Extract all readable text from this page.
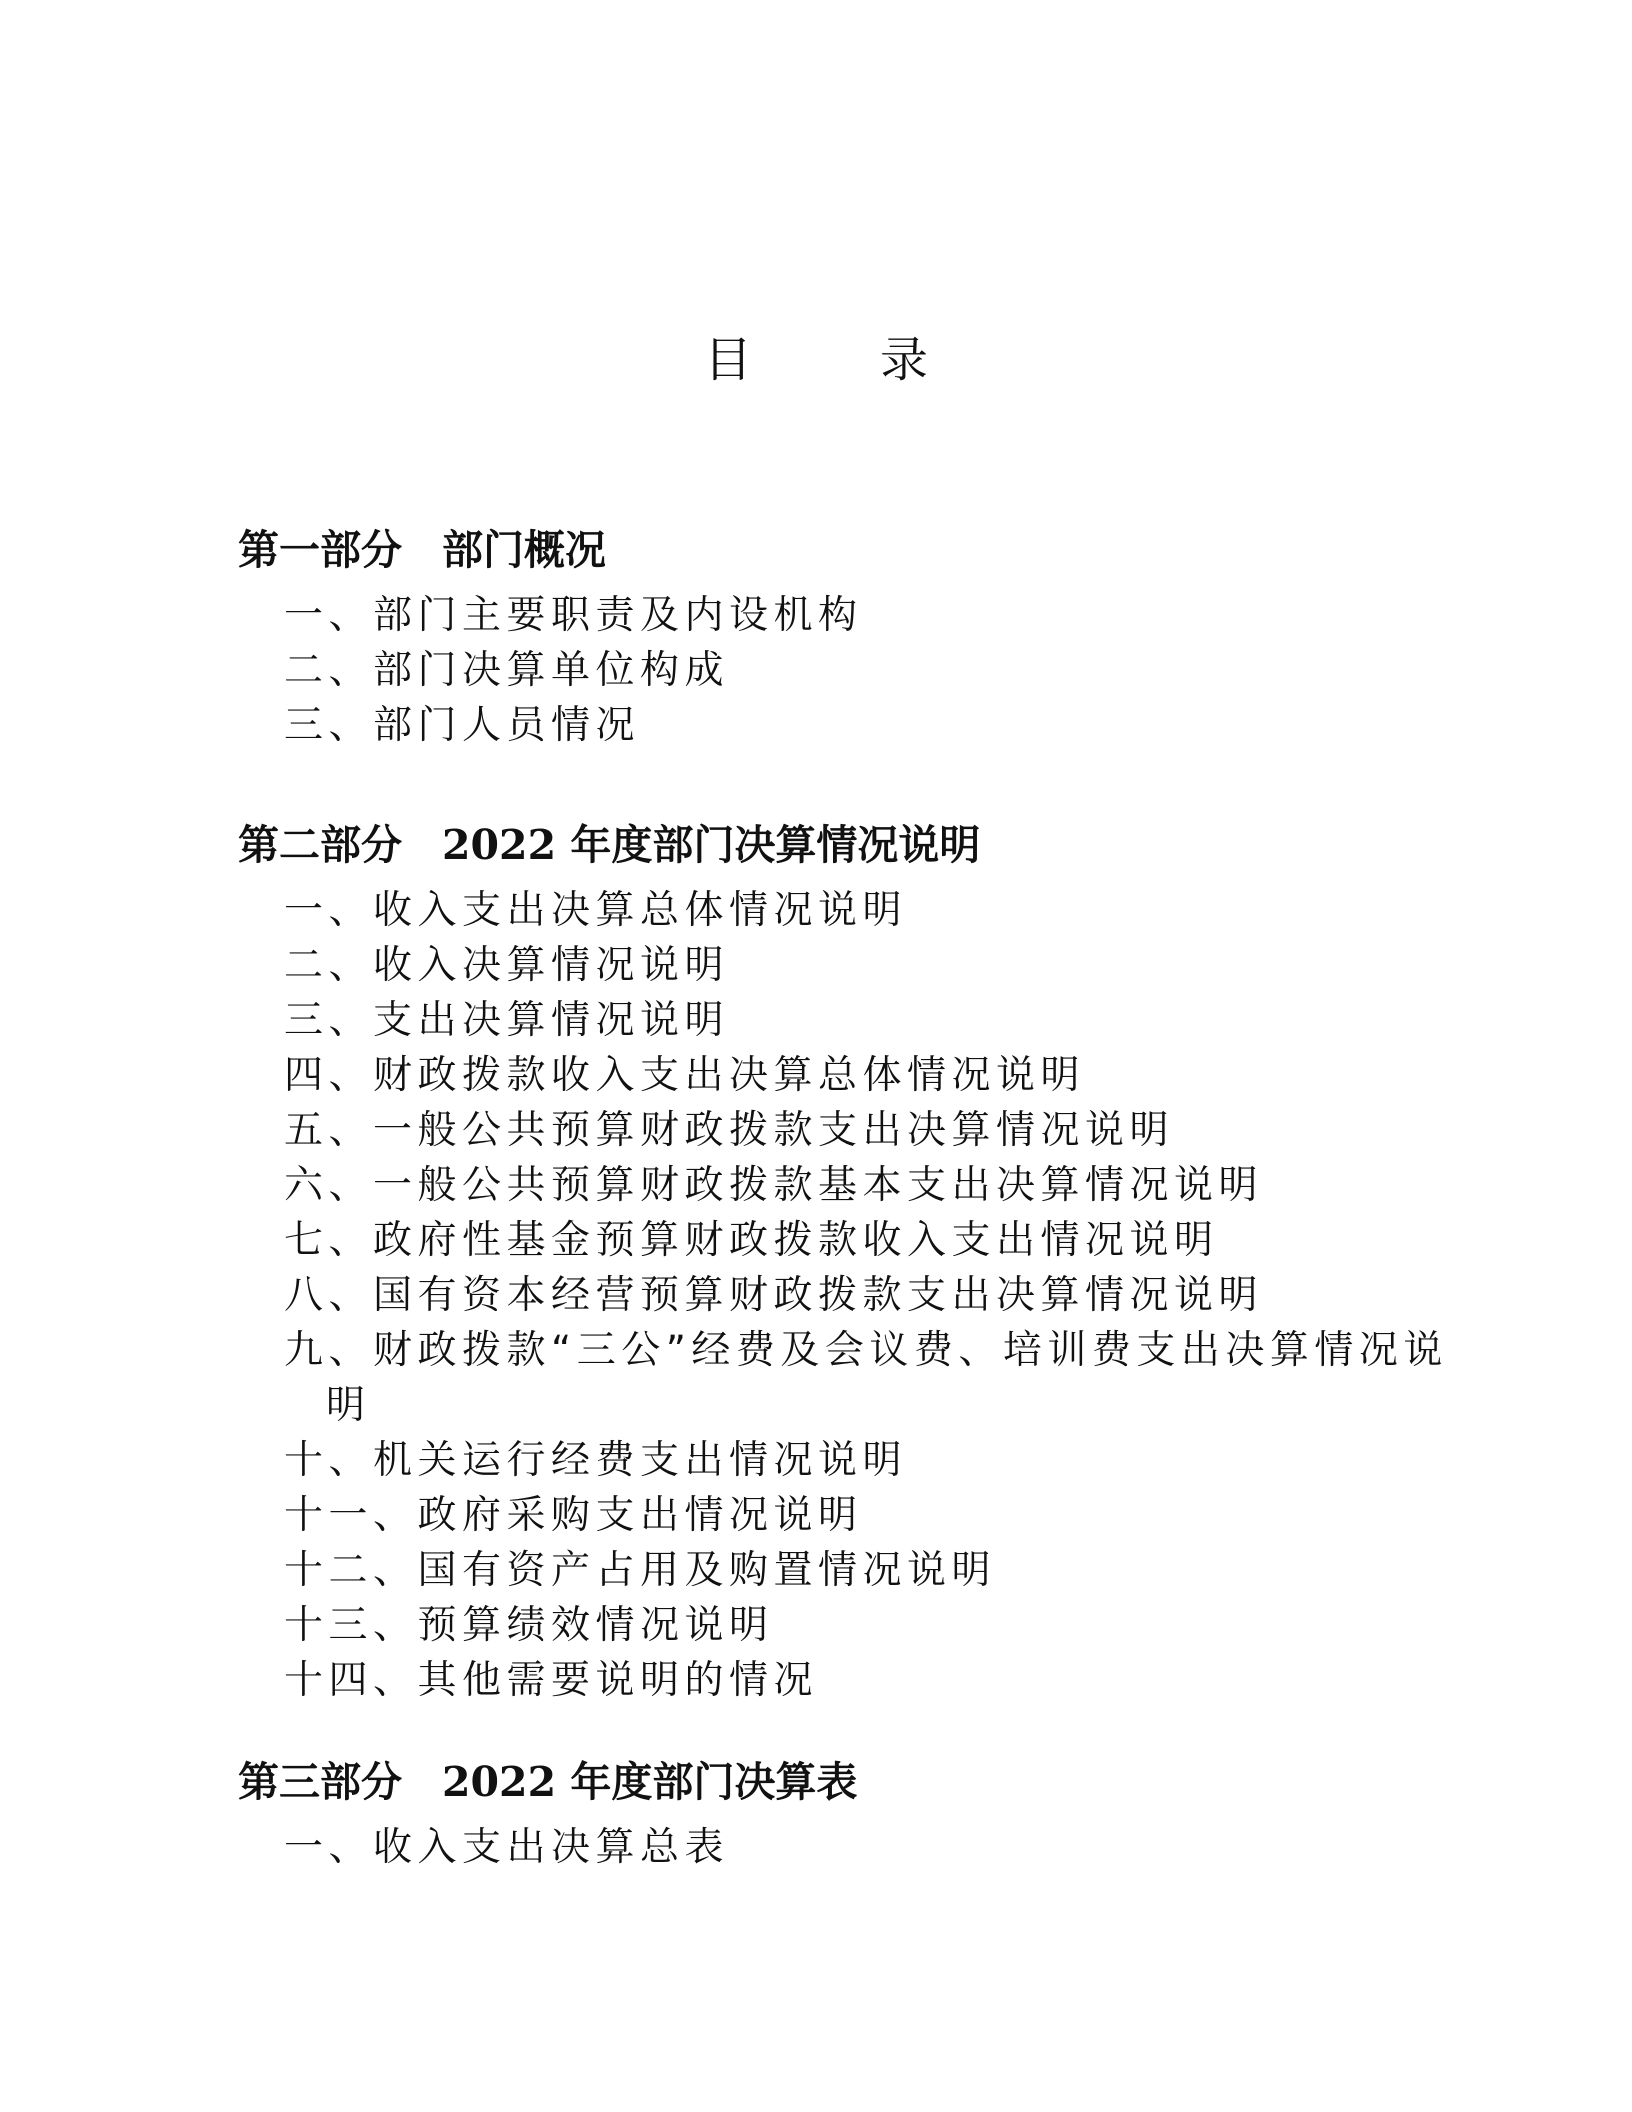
目　录
第一部分 部门概况
一、部门主要职责及内设机构
二、部门决算单位构成
三、部门人员情况
第二部分 2022 年度部门决算情况说明
一、收入支出决算总体情况说明
二、收入决算情况说明
三、支出决算情况说明
四、财政拨款收入支出决算总体情况说明
五、一般公共预算财政拨款支出决算情况说明
六、一般公共预算财政拨款基本支出决算情况说明
七、政府性基金预算财政拨款收入支出情况说明
八、国有资本经营预算财政拨款支出决算情况说明
九、财政拨款“三公”经费及会议费、培训费支出决算情况说明
十、机关运行经费支出情况说明
十一、政府采购支出情况说明
十二、国有资产占用及购置情况说明
十三、预算绩效情况说明
十四、其他需要说明的情况
第三部分 2022 年度部门决算表
一、收入支出决算总表
